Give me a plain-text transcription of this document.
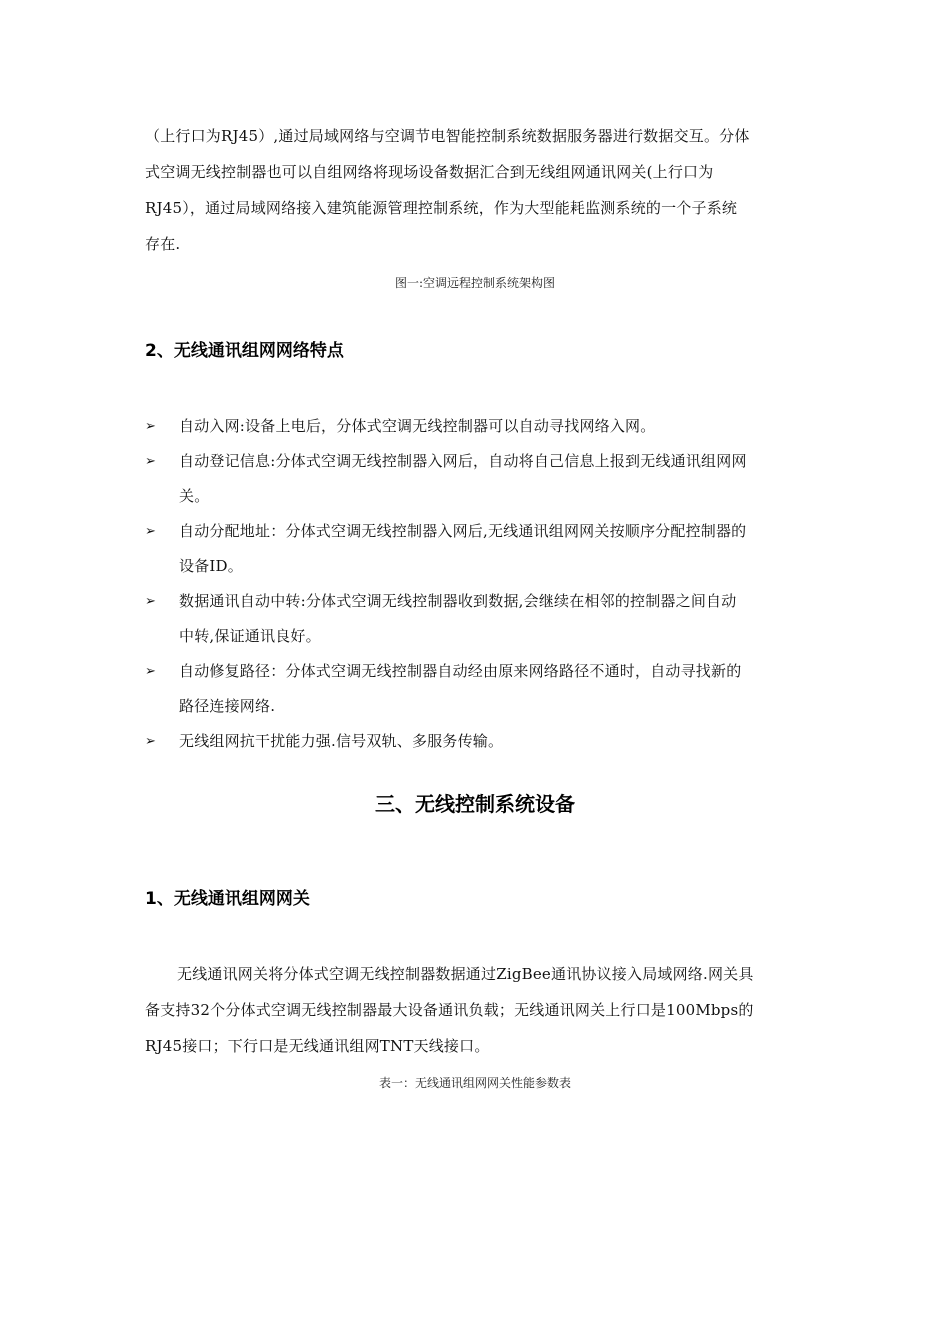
（上行口为RJ45）,通过局域网络与空调节电智能控制系统数据服务器进行数据交互。分体
式空调无线控制器也可以自组网络将现场设备数据汇合到无线组网通讯网关(上行口为
RJ45），通过局域网络接入建筑能源管理控制系统，作为大型能耗监测系统的一个子系统
存在.

图一:空调远程控制系统架构图
2、无线通讯组网网络特点
➢ 自动入网:设备上电后，分体式空调无线控制器可以自动寻找网络入网。
➢ 自动登记信息:分体式空调无线控制器入网后，自动将自己信息上报到无线通讯组网网
关。
➢ 自动分配地址：分体式空调无线控制器入网后,无线通讯组网网关按顺序分配控制器的
设备ID。
➢ 数据通讯自动中转:分体式空调无线控制器收到数据,会继续在相邻的控制器之间自动
中转,保证通讯良好。
➢ 自动修复路径：分体式空调无线控制器自动经由原来网络路径不通时，自动寻找新的
路径连接网络.
➢ 无线组网抗干扰能力强.信号双轨、多服务传输。
三、无线控制系统设备
1、无线通讯组网网关

无线通讯网关将分体式空调无线控制器数据通过ZigBee通讯协议接入局域网络.网关具
备支持32个分体式空调无线控制器最大设备通讯负载；无线通讯网关上行口是100Mbps的
RJ45接口；下行口是无线通讯组网TNT天线接口。

表一：无线通讯组网网关性能参数表
